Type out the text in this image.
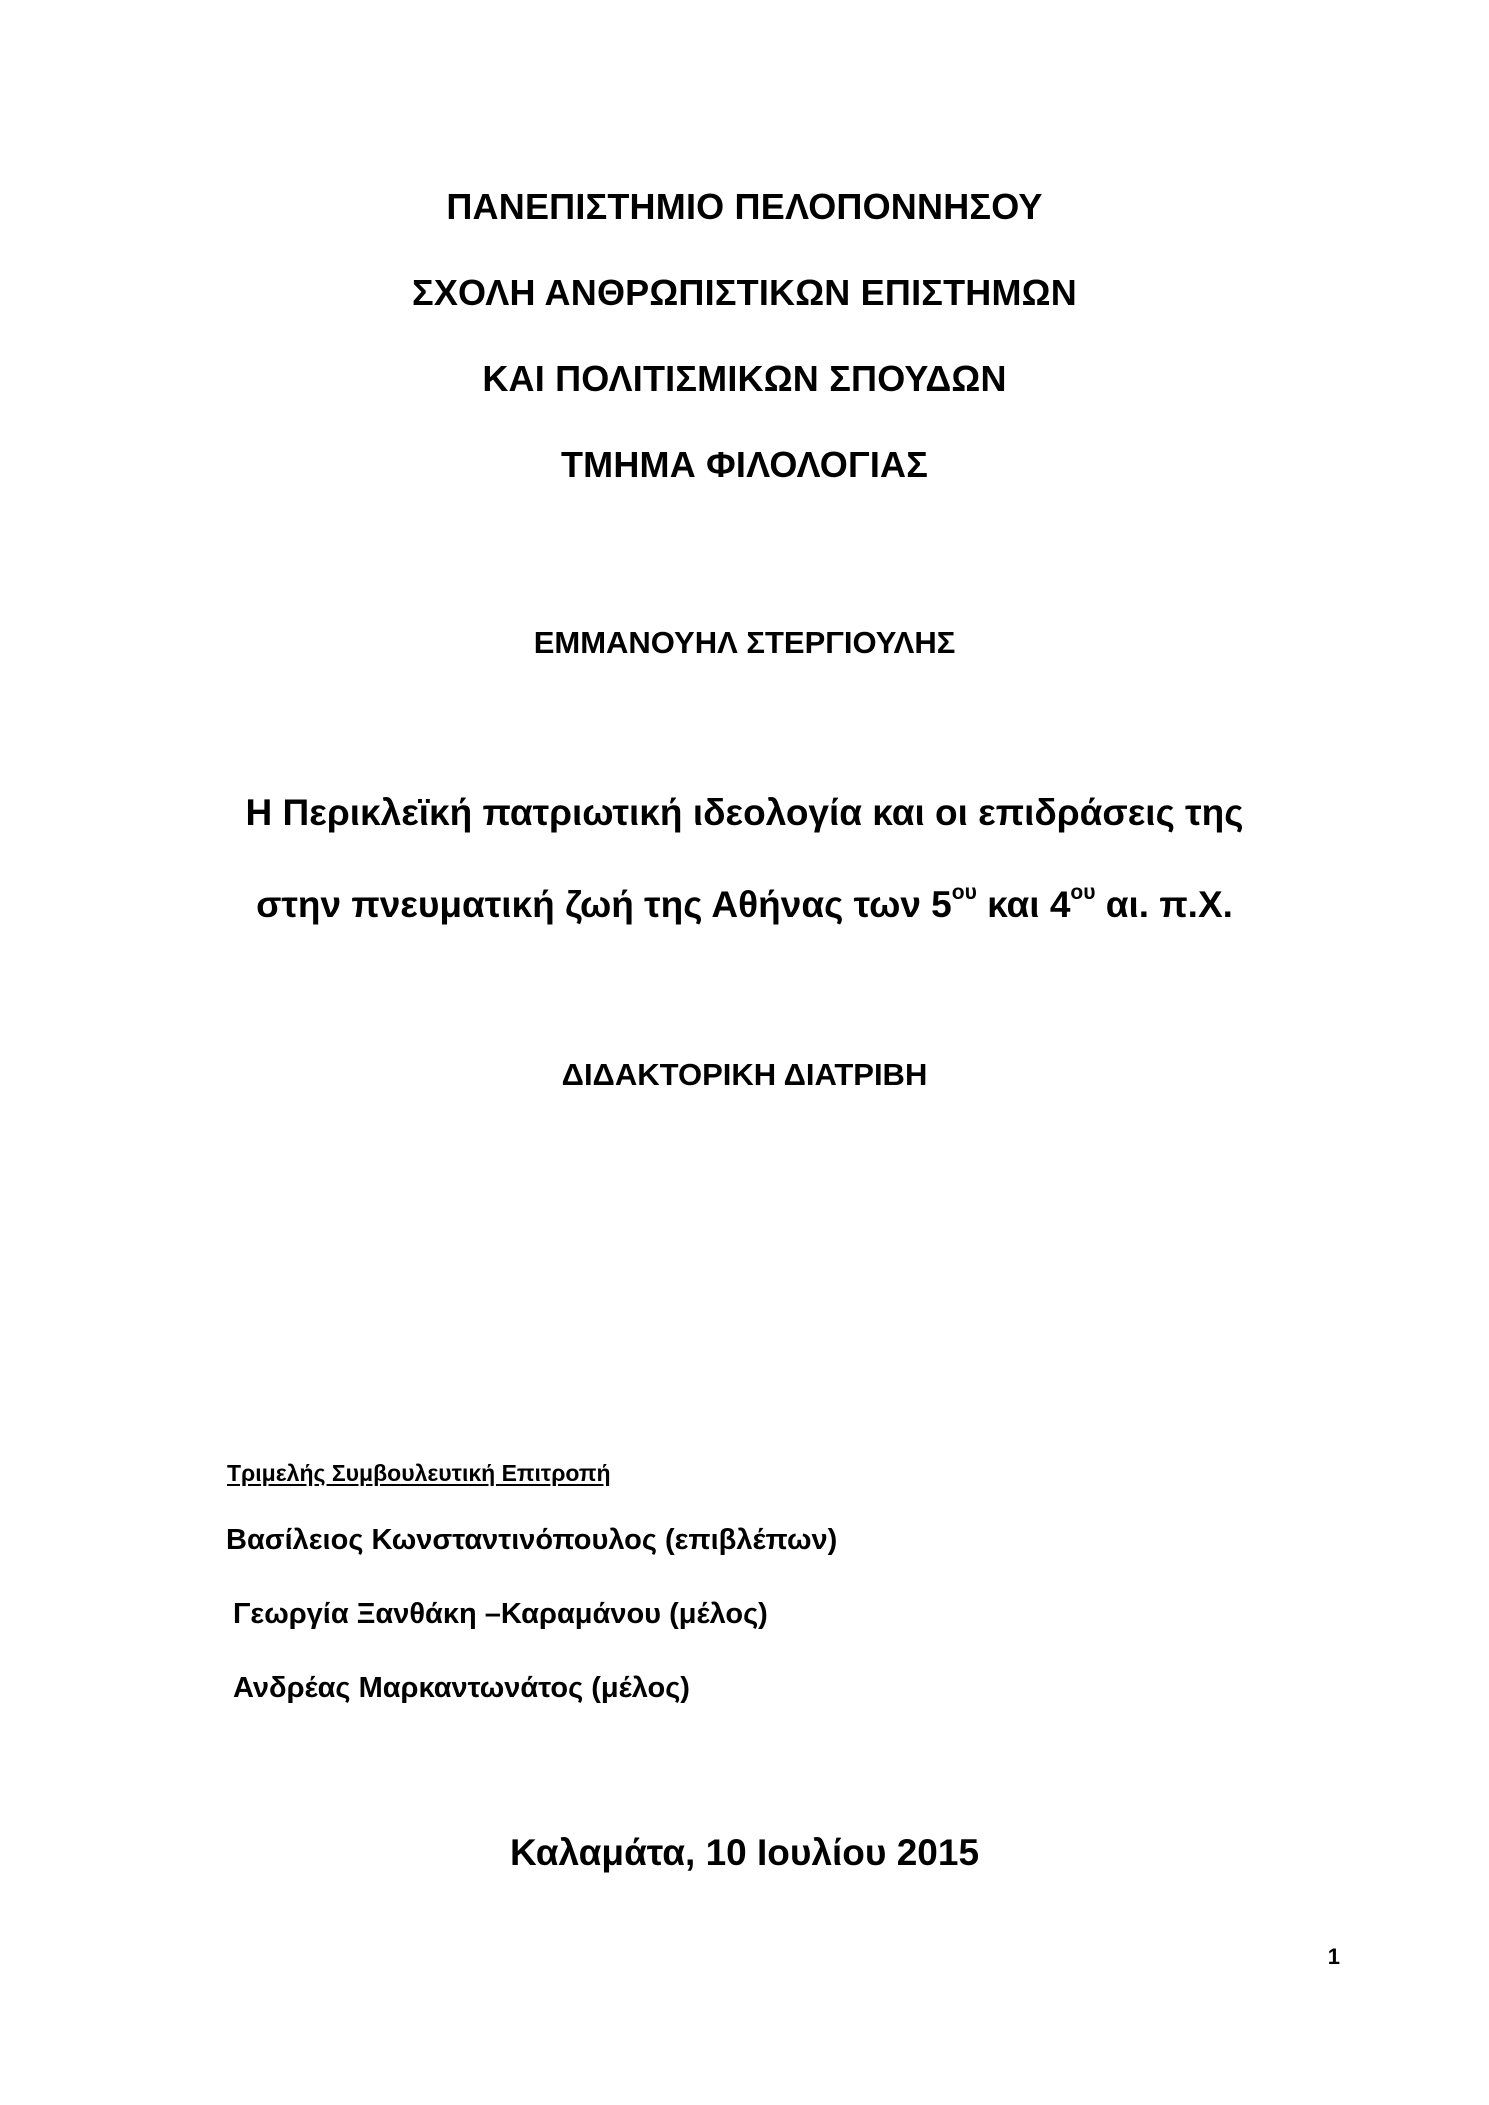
ΠΑΝΕΠΙΣΤΗΜΙΟ ΠΕΛΟΠΟΝΝΗΣΟΥ
ΣΧΟΛΗ ΑΝΘΡΩΠΙΣΤΙΚΩΝ ΕΠΙΣΤΗΜΩΝ
ΚΑΙ ΠΟΛΙΤΙΣΜΙΚΩΝ ΣΠΟΥΔΩΝ
ΤΜΗΜΑ ΦΙΛΟΛΟΓΙΑΣ
ΕΜΜΑΝΟΥΗΛ ΣΤΕΡΓΙΟΥΛΗΣ
Η Περικλεϊκή πατριωτική ιδεολογία και οι επιδράσεις της
στην πνευματική ζωή της Αθήνας των $5^{o\upsilon}$ και $4^{o\upsilon}$ αι. π.Χ.
ΔΙΔΑΚΤΟΡΙΚΗ ΔΙΑΤΡΙΒΗ
Τριμελής Συμβουλευτική Επιτροπή
Βασίλειος Κωνσταντινόπουλος (επιβλέπων)
Γεωργία Ξανθάκη –Καραμάνου (μέλος)
Ανδρέας Μαρκαντωνάτος (μέλος)
Καλαμάτα, 10 Ιουλίου 2015
1
